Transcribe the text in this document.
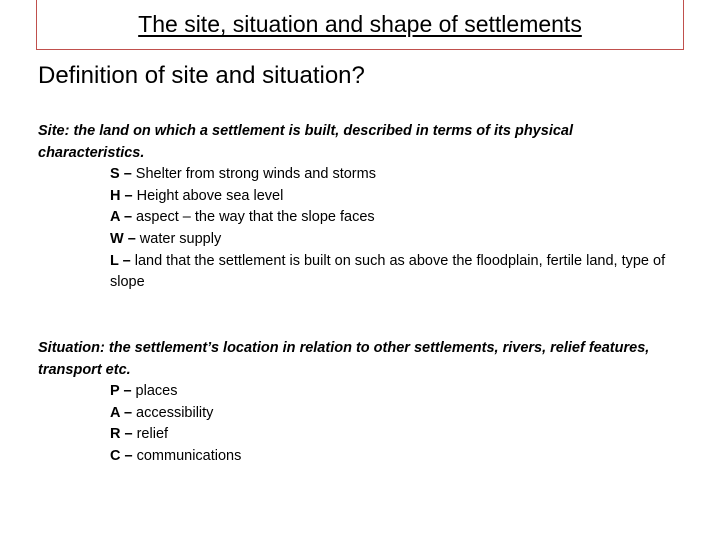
The site, situation and shape of settlements
Definition of site and situation?
Site: the land on which a settlement is built, described in terms of its physical characteristics.
S – Shelter from strong winds and storms
H – Height above sea level
A – aspect – the way that the slope faces
W – water supply
L – land that the settlement is built on such as above the floodplain, fertile land, type of slope
Situation: the settlement’s location in relation to other settlements, rivers, relief features, transport etc.
P – places
A – accessibility
R – relief
C – communications
